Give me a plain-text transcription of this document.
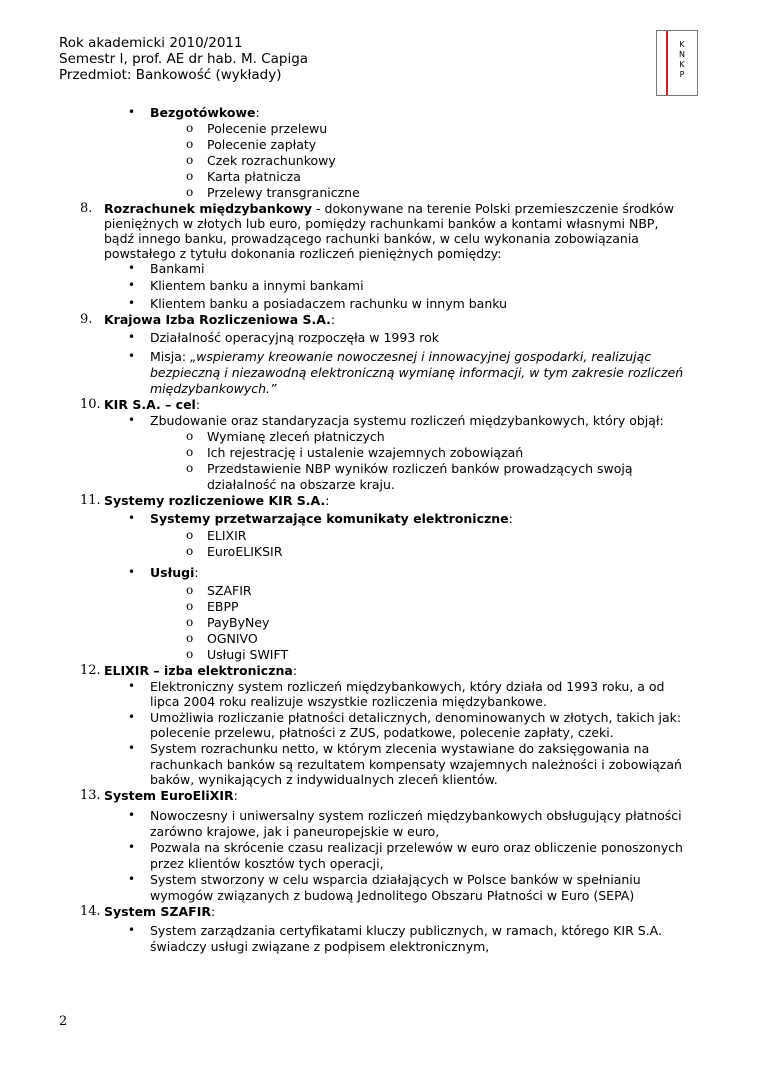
Rok akademicki 2010/2011
Semestr I, prof. AE dr hab. M. Capiga
Przedmiot: Bankowość (wykłady)
K
N
K
P
• Bezgotówkowe:
o Polecenie przelewu
o Polecenie zapłaty
o Czek rozrachunkowy
o Karta płatnicza
o Przelewy transgraniczne
8. Rozrachunek międzybankowy - dokonywane na terenie Polski przemieszczenie środków
pieniężnych w złotych lub euro, pomiędzy rachunkami banków a kontami własnymi NBP,
bądź innego banku, prowadzącego rachunki banków, w celu wykonania zobowiązania
powstałego z tytułu dokonania rozliczeń pieniężnych pomiędzy:
• Bankami
• Klientem banku a innymi bankami
• Klientem banku a posiadaczem rachunku w innym banku
9. Krajowa Izba Rozliczeniowa S.A.:
• Działalność operacyjną rozpoczęła w 1993 rok
• Misja: „wspieramy kreowanie nowoczesnej i innowacyjnej gospodarki, realizując
bezpieczną i niezawodną elektroniczną wymianę informacji, w tym zakresie rozliczeń
międzybankowych.”
10. KIR S.A. – cel:
• Zbudowanie oraz standaryzacja systemu rozliczeń międzybankowych, który objął:
o Wymianę zleceń płatniczych
o Ich rejestrację i ustalenie wzajemnych zobowiązań
o Przedstawienie NBP wyników rozliczeń banków prowadzących swoją
działalność na obszarze kraju.
11. Systemy rozliczeniowe KIR S.A.:
• Systemy przetwarzające komunikaty elektroniczne:
o ELIXIR
o EuroELIKSIR
• Usługi:
o SZAFIR
o EBPP
o PayByNey
o OGNIVO
o Usługi SWIFT
12. ELIXIR – izba elektroniczna:
• Elektroniczny system rozliczeń międzybankowych, który działa od 1993 roku, a od
lipca 2004 roku realizuje wszystkie rozliczenia międzybankowe.
• Umożliwia rozliczanie płatności detalicznych, denominowanych w złotych, takich jak:
polecenie przelewu, płatności z ZUS, podatkowe, polecenie zapłaty, czeki.
• System rozrachunku netto, w którym zlecenia wystawiane do zaksięgowania na
rachunkach banków są rezultatem kompensaty wzajemnych należności i zobowiązań
baków, wynikających z indywidualnych zleceń klientów.
13. System EuroEliXIR:
• Nowoczesny i uniwersalny system rozliczeń międzybankowych obsługujący płatności
zarówno krajowe, jak i paneuropejskie w euro,
• Pozwala na skrócenie czasu realizacji przelewów w euro oraz obliczenie ponoszonych
przez klientów kosztów tych operacji,
• System stworzony w celu wsparcia działających w Polsce banków w spełnianiu
wymogów związanych z budową Jednolitego Obszaru Płatności w Euro (SEPA)
14. System SZAFIR:
• System zarządzania certyfikatami kluczy publicznych, w ramach, którego KIR S.A.
świadczy usługi związane z podpisem elektronicznym,
2
